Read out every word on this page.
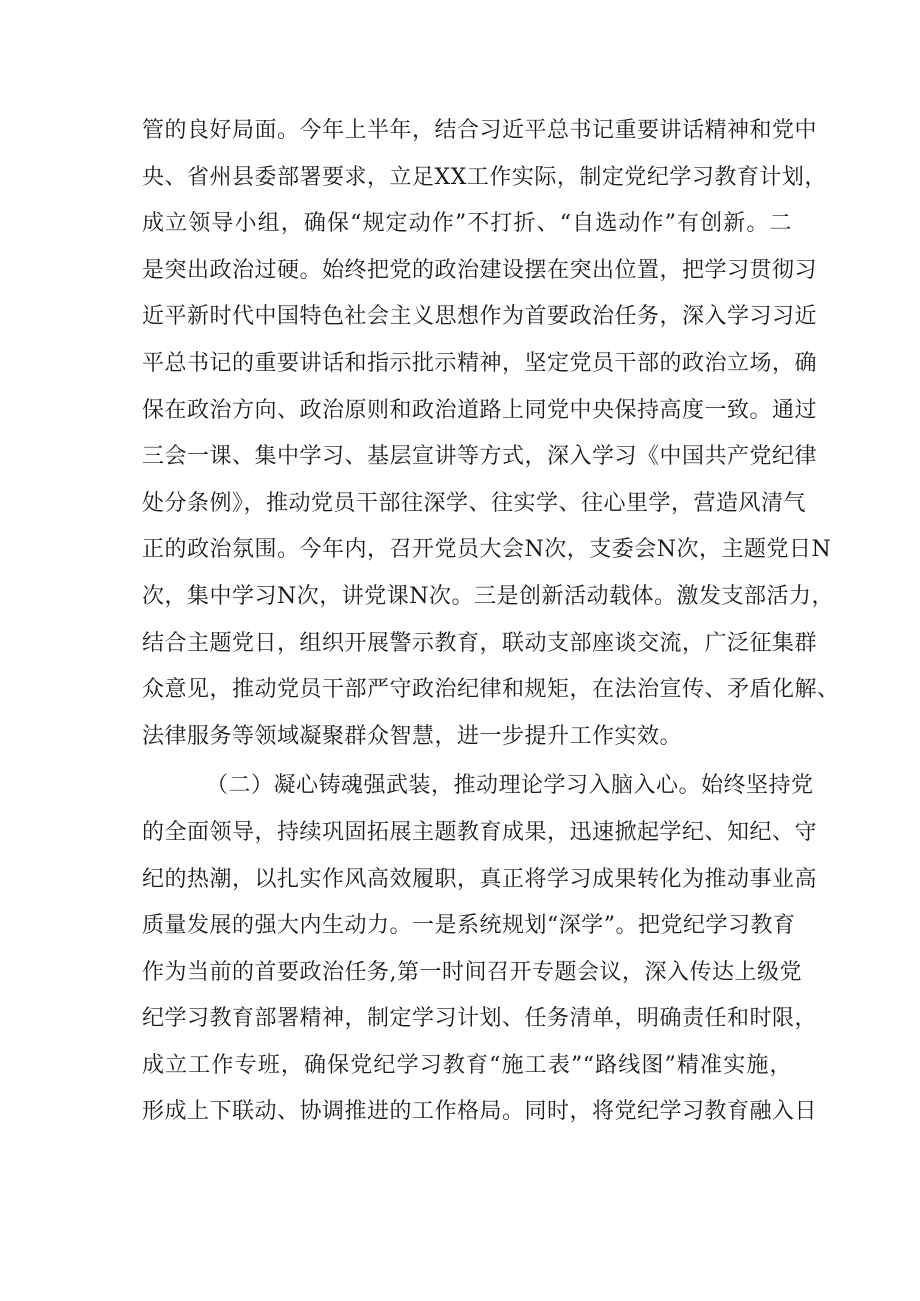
管的良好局面。今年上半年，结合习近平总书记重要讲话精神和党中
央、省州县委部署要求，立足XX工作实际，制定党纪学习教育计划，
成立领导小组，确保“规定动作”不打折、“自选动作”有创新。二
是突出政治过硬。始终把党的政治建设摆在突出位置，把学习贯彻习
近平新时代中国特色社会主义思想作为首要政治任务，深入学习习近
平总书记的重要讲话和指示批示精神，坚定党员干部的政治立场，确
保在政治方向、政治原则和政治道路上同党中央保持高度一致。通过
三会一课、集中学习、基层宣讲等方式，深入学习《中国共产党纪律
处分条例》，推动党员干部往深学、往实学、往心里学，营造风清气
正的政治氛围。今年内，召开党员大会N次，支委会N次，主题党日N
次，集中学习N次，讲党课N次。三是创新活动载体。激发支部活力，
结合主题党日，组织开展警示教育，联动支部座谈交流，广泛征集群
众意见，推动党员干部严守政治纪律和规矩，在法治宣传、矛盾化解、
法律服务等领域凝聚群众智慧，进一步提升工作实效。
（二）凝心铸魂强武装，推动理论学习入脑入心。始终坚持党
的全面领导，持续巩固拓展主题教育成果，迅速掀起学纪、知纪、守
纪的热潮，以扎实作风高效履职，真正将学习成果转化为推动事业高
质量发展的强大内生动力。一是系统规划“深学”。把党纪学习教育
作为当前的首要政治任务,第一时间召开专题会议，深入传达上级党
纪学习教育部署精神，制定学习计划、任务清单，明确责任和时限，
成立工作专班，确保党纪学习教育“施工表”“路线图”精准实施，
形成上下联动、协调推进的工作格局。同时，将党纪学习教育融入日
